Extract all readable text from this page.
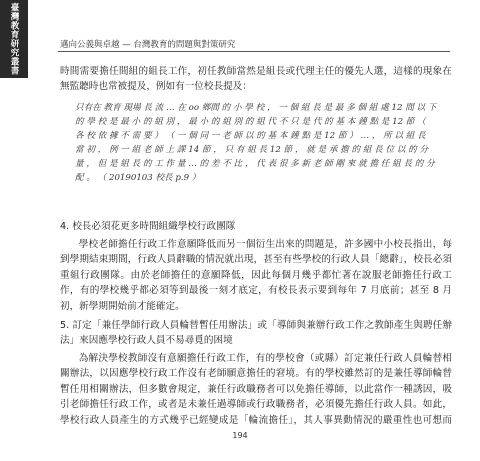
臺灣教育研究叢書	邁向公義與卓越 — 台灣教育的問題與對策研究

時間需要擔任間組的組長工作，初任教師當然是組長或代理主任的優先人選，這樣的現象在無監聽時也常被提及，例如有一位校長提及：

只有在 教育 現場 長 流 … 在 oo 鄉間 的 小 學 校 ， 一 個 組 長 是 最 多 個 組 處 12 間 以 下 的 學 校 是 最 小 的 組 別 ， 最 小 的 組 別 的 組 代 不 只 是 代 的 基 本 鐘 點 是 12 節 （ 各 校 依 據 不 需 要 ） （ 一 個 同 一 老 師 以 的 基 本 鐘 點 是 12 節 ） … ， 所 以 組 長 當 初 ， 例 一 組 老 師 上 課 14 節 ， 只 有 組 長 12 節 ， 就 是 承 擔 的 組 長 位 以 的 分 量 ， 但 是 組 長 的 工 作 量 … 的 差 不 比 ， 代 表 很 多 新 老 師 剛 來 就 擔 任 組 長 的 分 配 。 （ 20190103 校長 p.9 ）

4. 校長必須花更多時間組織學校行政團隊

學校老師擔任行政工作意願降低而另一個衍生出來的問題是，許多國中小校長指出，每到學期結束期間，行政人員辭職的情況就出現，甚至有些學校的行政人員「總辭」，校長必須重組行政團隊。由於老師擔任的意願降低，因此每個月幾乎都忙著在說服老師擔任行政工作，有的學校幾乎都必須等到最後一刻才底定，有校長表示要到每年 7 月底前；甚至 8 月初，新學期開始前才能確定。

5. 訂定「兼任學師行政人員輪替暫任用辦法」或「導師與兼辦行政工作之教師產生與聘任辦法」來因應學校行政人員不易尋覓的困境

為解決學校教師沒有意願擔任行政工作，有的學校會（或縣）訂定兼任行政人員輪替相關辦法，以因應學校行政工作沒有老師願意擔任的窘境。有的學校雖然訂的是兼任導師輪替暫任用相關辦法，但多數會規定，兼任行政職務者可以免擔任導師，以此當作一種誘因，吸引老師擔任行政工作，或者是未兼任過導師或行政職務者，必須優先擔任行政人員。如此，學校行政人員產生的方式幾乎已經變成是「輪流擔任」，其人事異動情況的嚴重性也可想而

194
